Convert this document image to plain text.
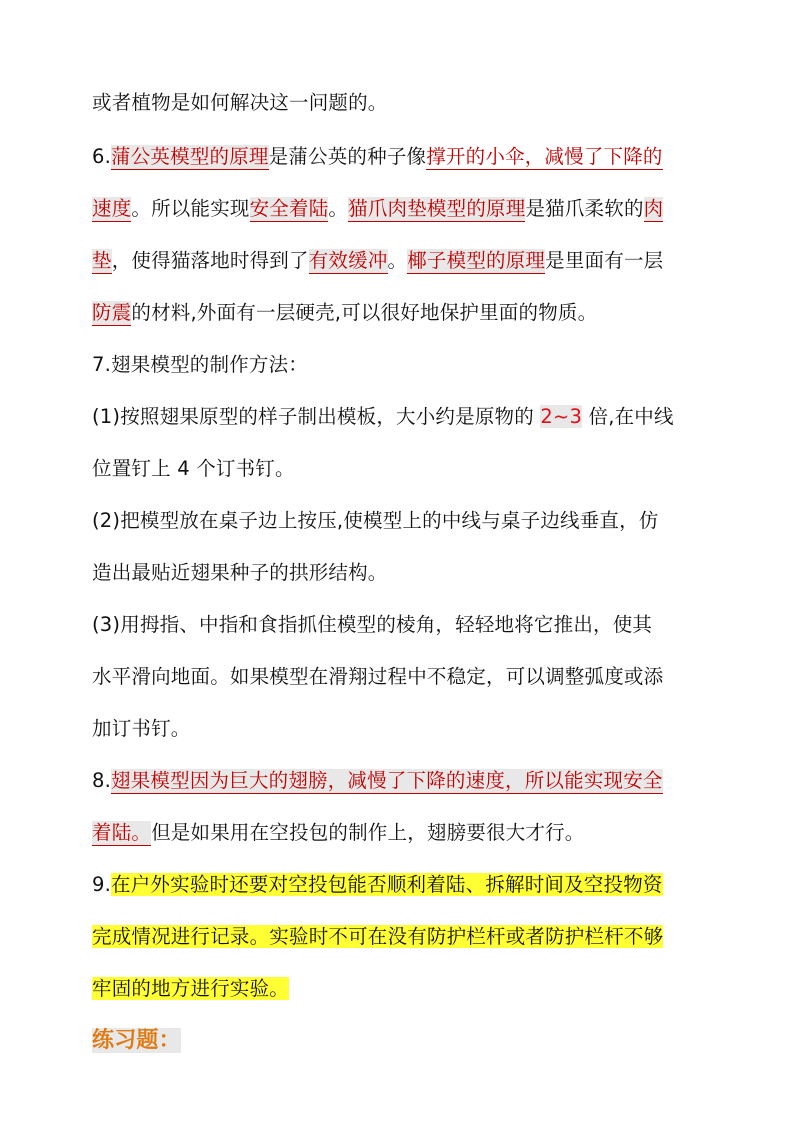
或者植物是如何解决这一问题的。
6.蒲公英模型的原理是蒲公英的种子像撑开的小伞，减慢了下降的
速度。所以能实现安全着陆。猫爪肉垫模型的原理是猫爪柔软的肉
垫，使得猫落地时得到了有效缓冲。椰子模型的原理是里面有一层
防震的材料,外面有一层硬壳,可以很好地保护里面的物质。
7.翅果模型的制作方法：
(1)按照翅果原型的样子制出模板，大小约是原物的 2~3 倍,在中线
位置钉上 4 个订书钉。
(2)把模型放在桌子边上按压,使模型上的中线与桌子边线垂直，仿
造出最贴近翅果种子的拱形结构。
(3)用拇指、中指和食指抓住模型的棱角，轻轻地将它推出，使其
水平滑向地面。如果模型在滑翔过程中不稳定，可以调整弧度或添
加订书钉。
8.翅果模型因为巨大的翅膀，减慢了下降的速度，所以能实现安全
着陆。但是如果用在空投包的制作上，翅膀要很大才行。
9.在户外实验时还要对空投包能否顺利着陆、拆解时间及空投物资
完成情况进行记录。实验时不可在没有防护栏杆或者防护栏杆不够
牢固的地方进行实验。
练习题：
